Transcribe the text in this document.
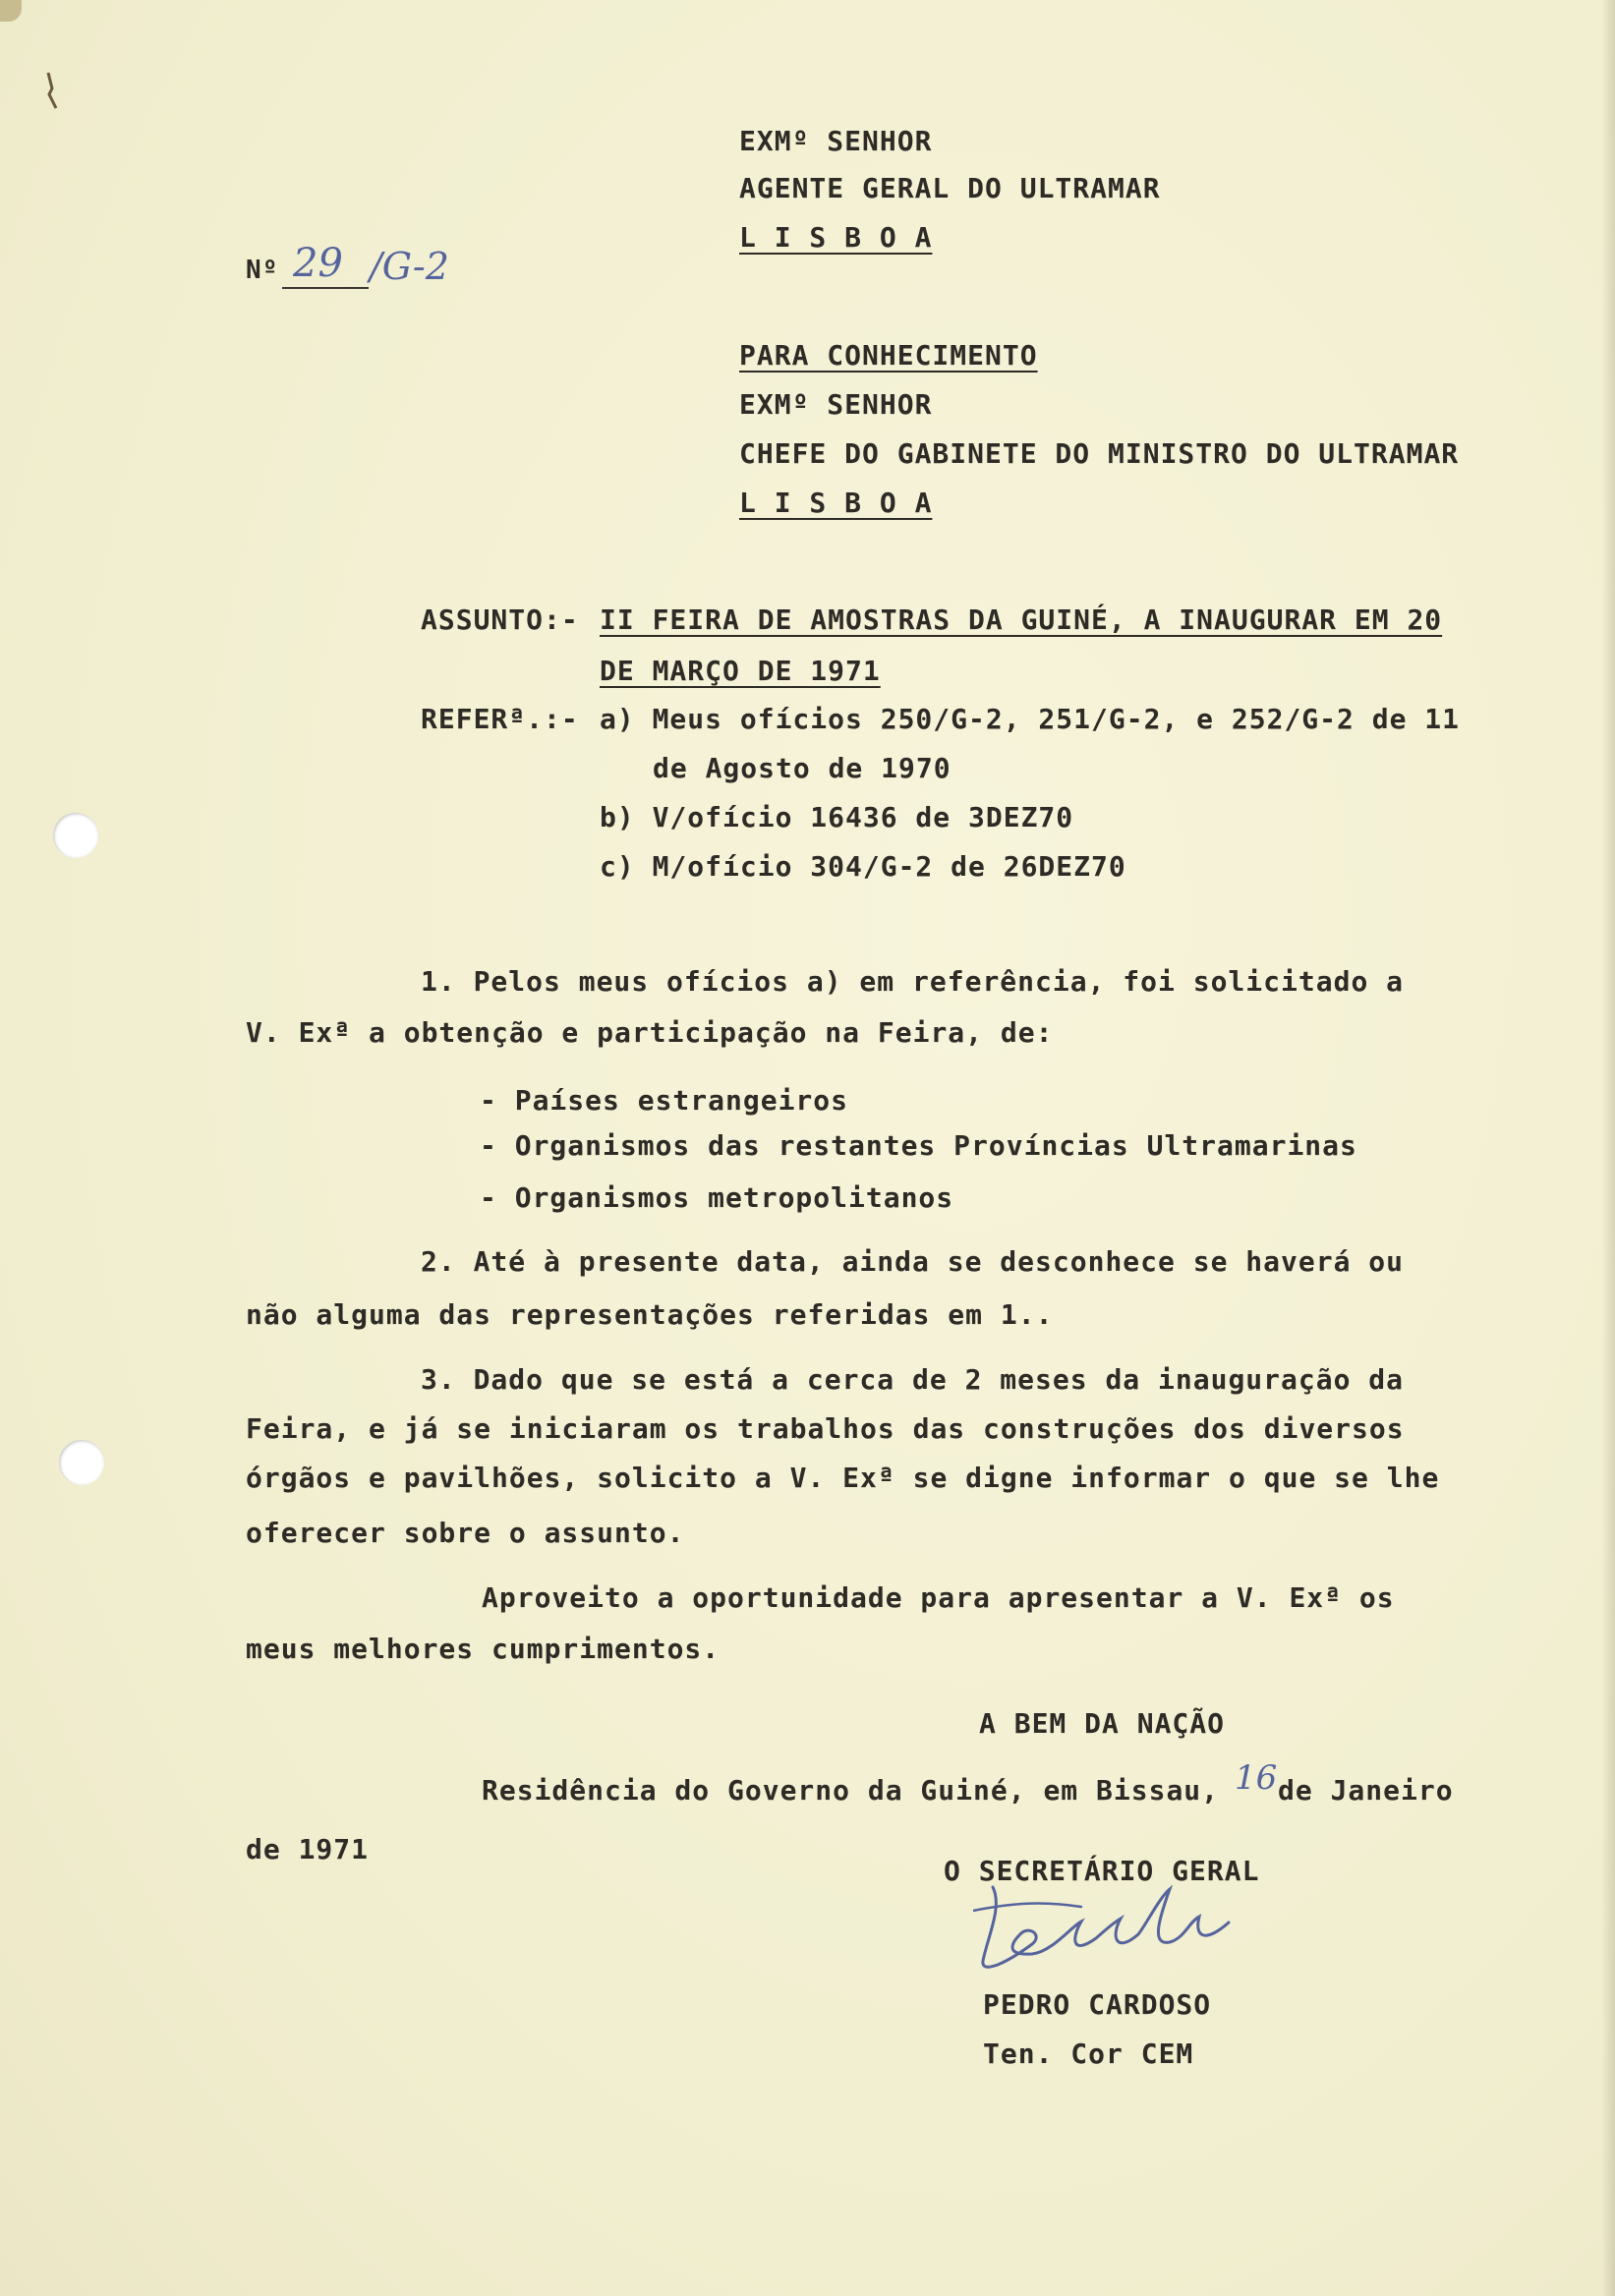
Nº 29 /G-2
EXMº SENHOR
AGENTE GERAL DO ULTRAMAR
L I S B O A
PARA CONHECIMENTO
EXMº SENHOR
CHEFE DO GABINETE DO MINISTRO DO ULTRAMAR
L I S B O A
ASSUNTO:- II FEIRA DE AMOSTRAS DA GUINÉ, A INAUGURAR EM 20
DE MARÇO DE 1971
REFERª.:- a) Meus ofícios 250/G-2, 251/G-2, e 252/G-2 de 11
de Agosto de 1970
b) V/ofício 16436 de 3DEZ70
c) M/ofício 304/G-2 de 26DEZ70
1. Pelos meus ofícios a) em referência, foi solicitado a
V. Exª a obtenção e participação na Feira, de:
- Países estrangeiros
- Organismos das restantes Províncias Ultramarinas
- Organismos metropolitanos
2. Até à presente data, ainda se desconhece se haverá ou
não alguma das representações referidas em 1..
3. Dado que se está a cerca de 2 meses da inauguração da
Feira, e já se iniciaram os trabalhos das construções dos diversos
órgãos e pavilhões, solicito a V. Exª se digne informar o que se lhe
oferecer sobre o assunto.
Aproveito a oportunidade para apresentar a V. Exª os
meus melhores cumprimentos.
A BEM DA NAÇÃO
Residência do Governo da Guiné, em Bissau, 16 de Janeiro
de 1971
O SECRETÁRIO GERAL
PEDRO CARDOSO
Ten. Cor CEM
